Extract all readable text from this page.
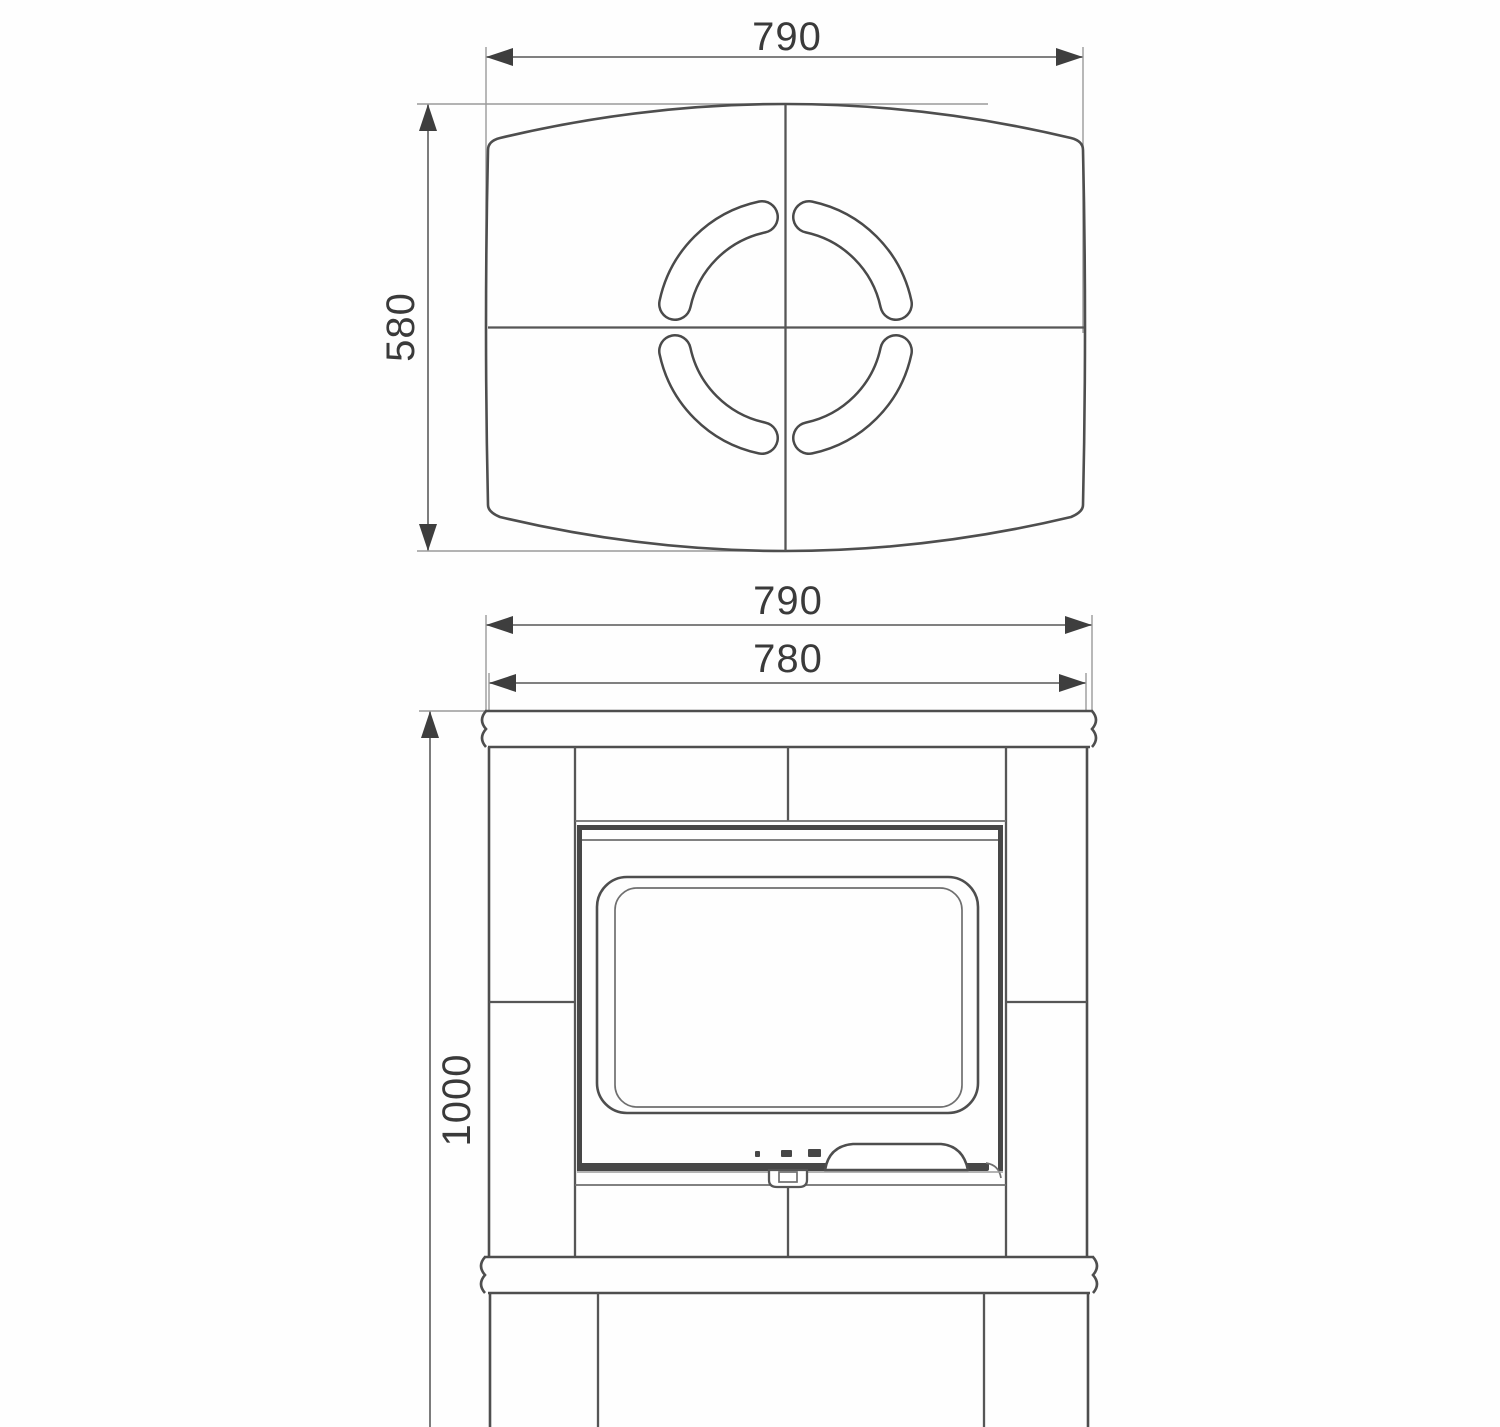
790
580
790
780
1000
